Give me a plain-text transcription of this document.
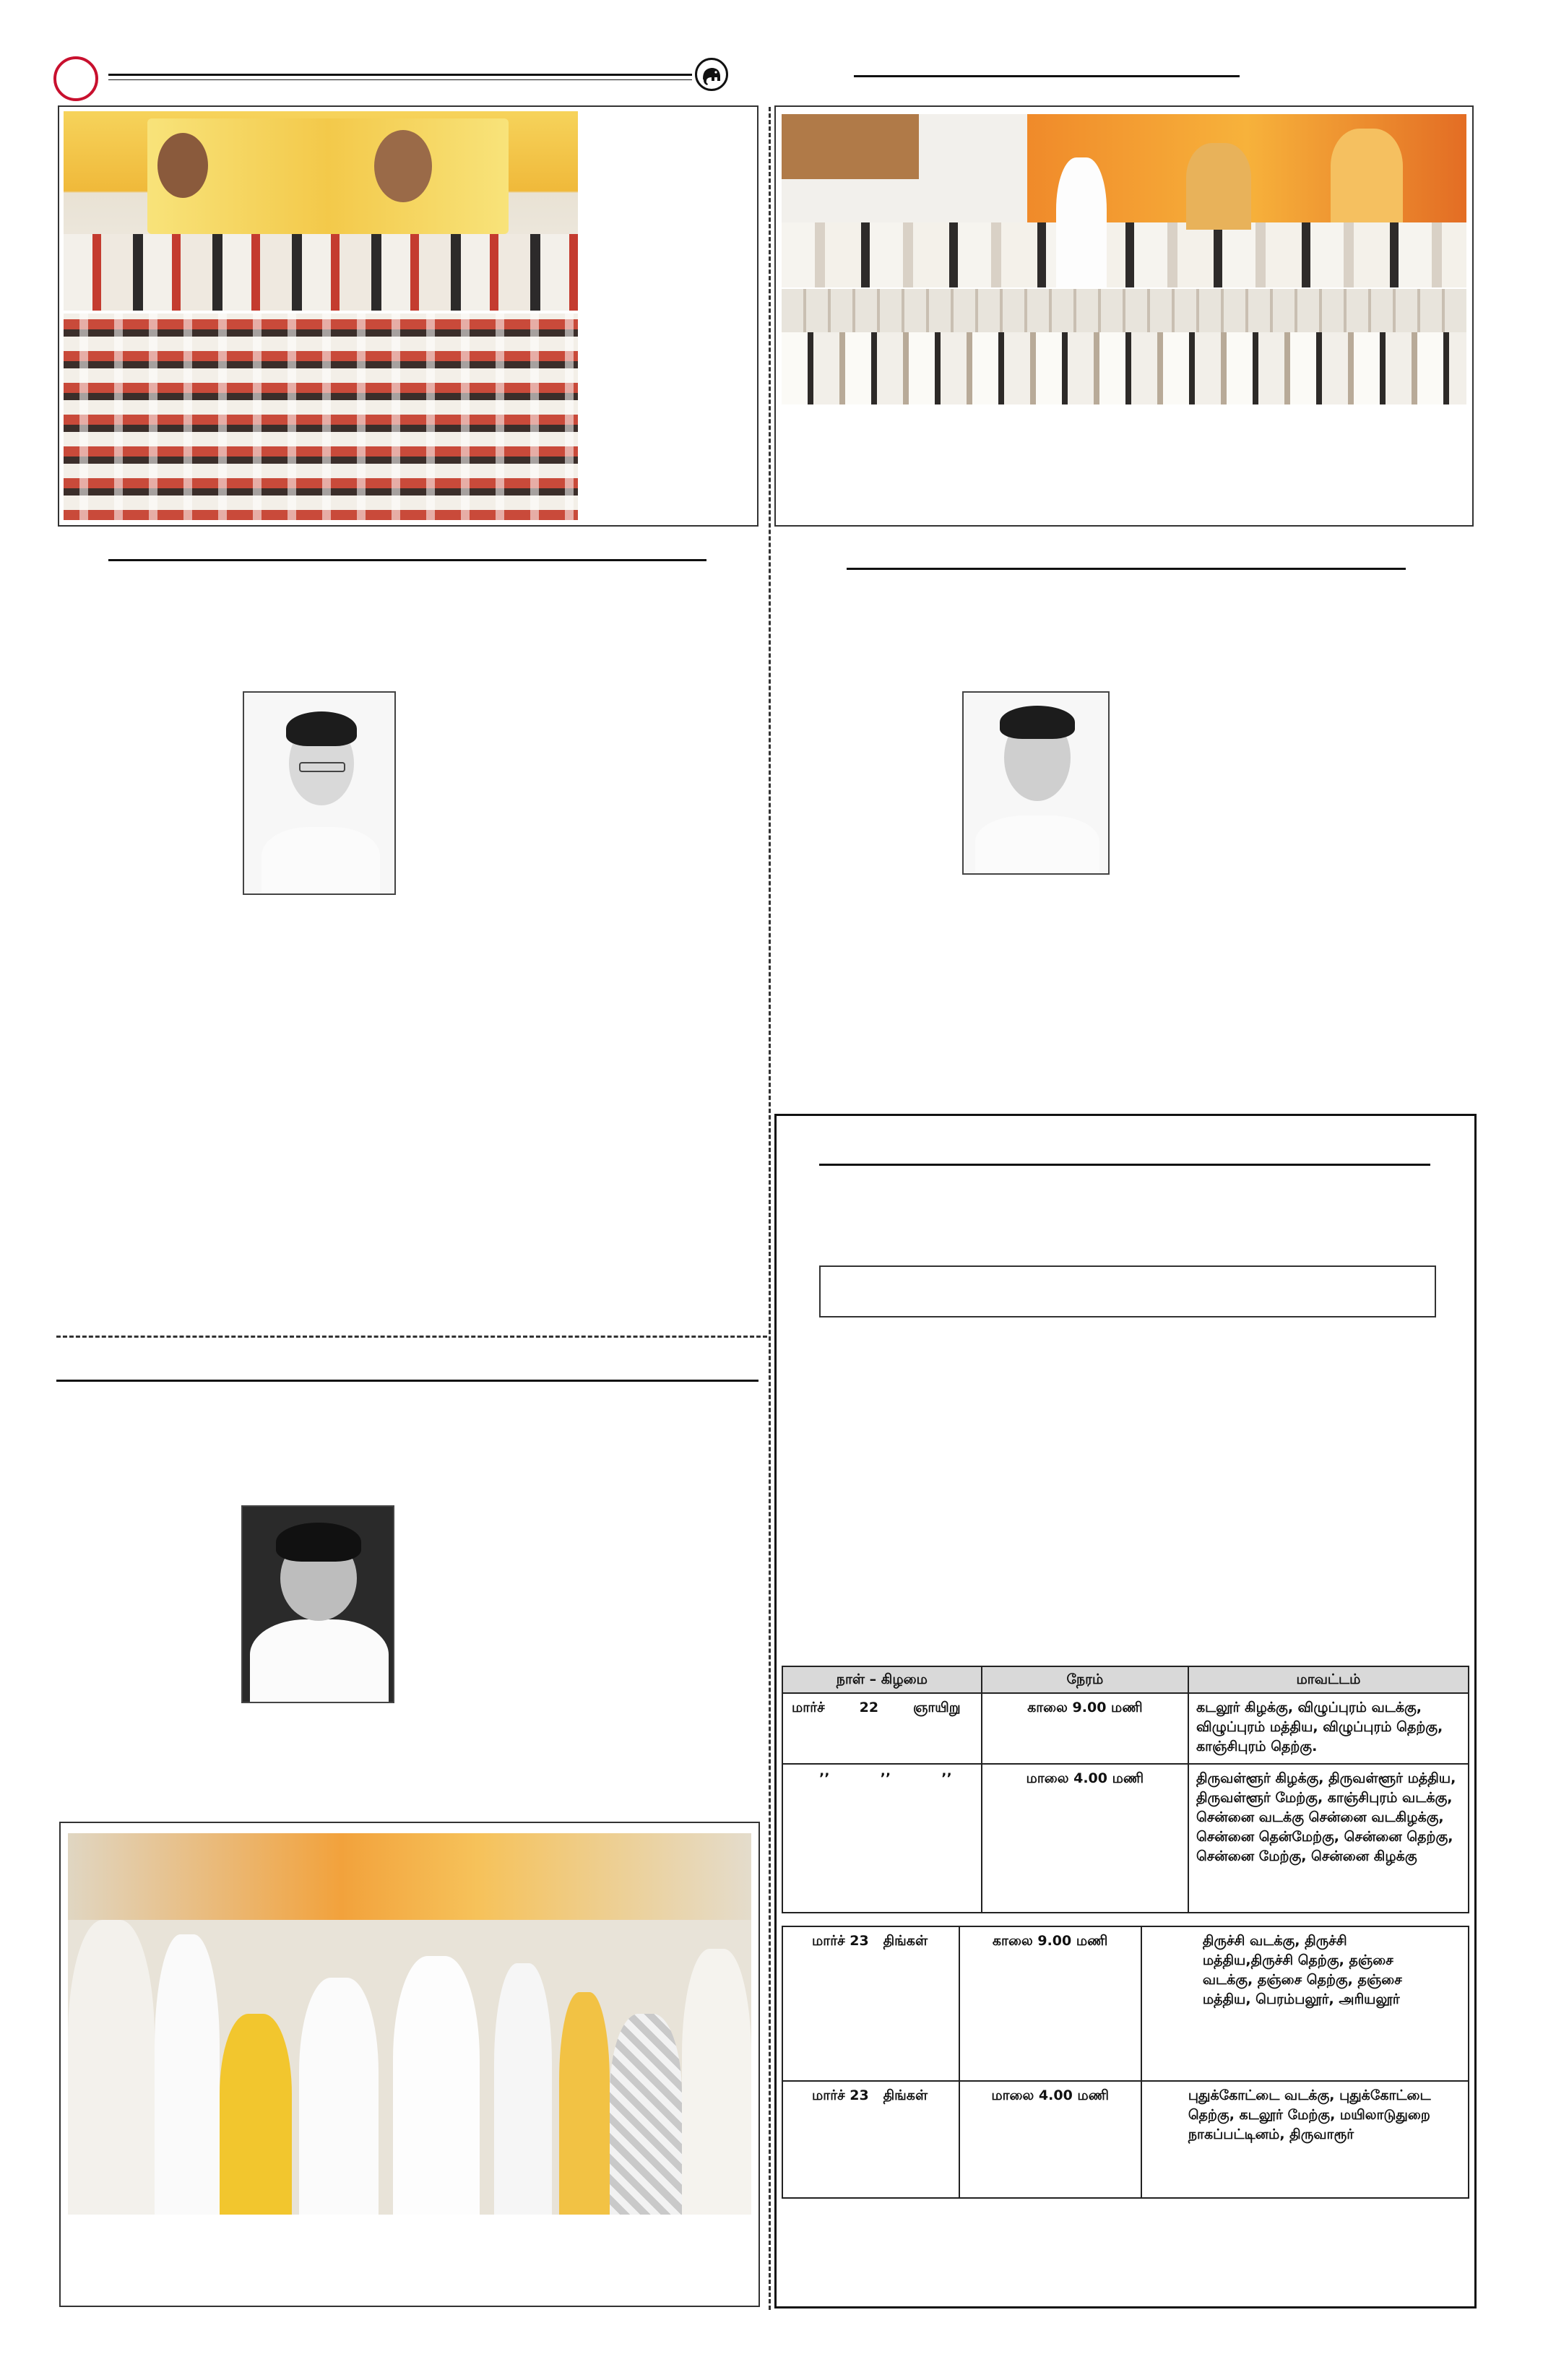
நாள் – கிழமை	நேரம்	மாவட்டம்

மார்ச் 22 ஞாயிறு	காலை 9.00 மணி	கடலூர் கிழக்கு, விழுப்புரம் வடக்கு, விழுப்புரம் மத்திய, விழுப்புரம் தெற்கு, காஞ்சிபுரம் தெற்கு.

’’ ’’ ’’	மாலை 4.00 மணி	திருவள்ளூர் கிழக்கு, திருவள்ளூர் மத்திய, திருவள்ளூர் மேற்கு, காஞ்சிபுரம் வடக்கு, சென்னை வடக்கு சென்னை வடகிழக்கு, சென்னை தென்மேற்கு, சென்னை தெற்கு, சென்னை மேற்கு, சென்னை கிழக்கு
மார்ச் 23 திங்கள்	காலை 9.00 மணி	திருச்சி வடக்கு, திருச்சி மத்திய,திருச்சி தெற்கு, தஞ்சை வடக்கு, தஞ்சை தெற்கு, தஞ்சை மத்திய, பெரம்பலூர், அரியலூர்

மார்ச் 23 திங்கள்	மாலை 4.00 மணி	புதுக்கோட்டை வடக்கு, புதுக்கோட்டை தெற்கு, கடலூர் மேற்கு, மயிலாடுதுறை நாகப்பட்டினம், திருவாரூர்
